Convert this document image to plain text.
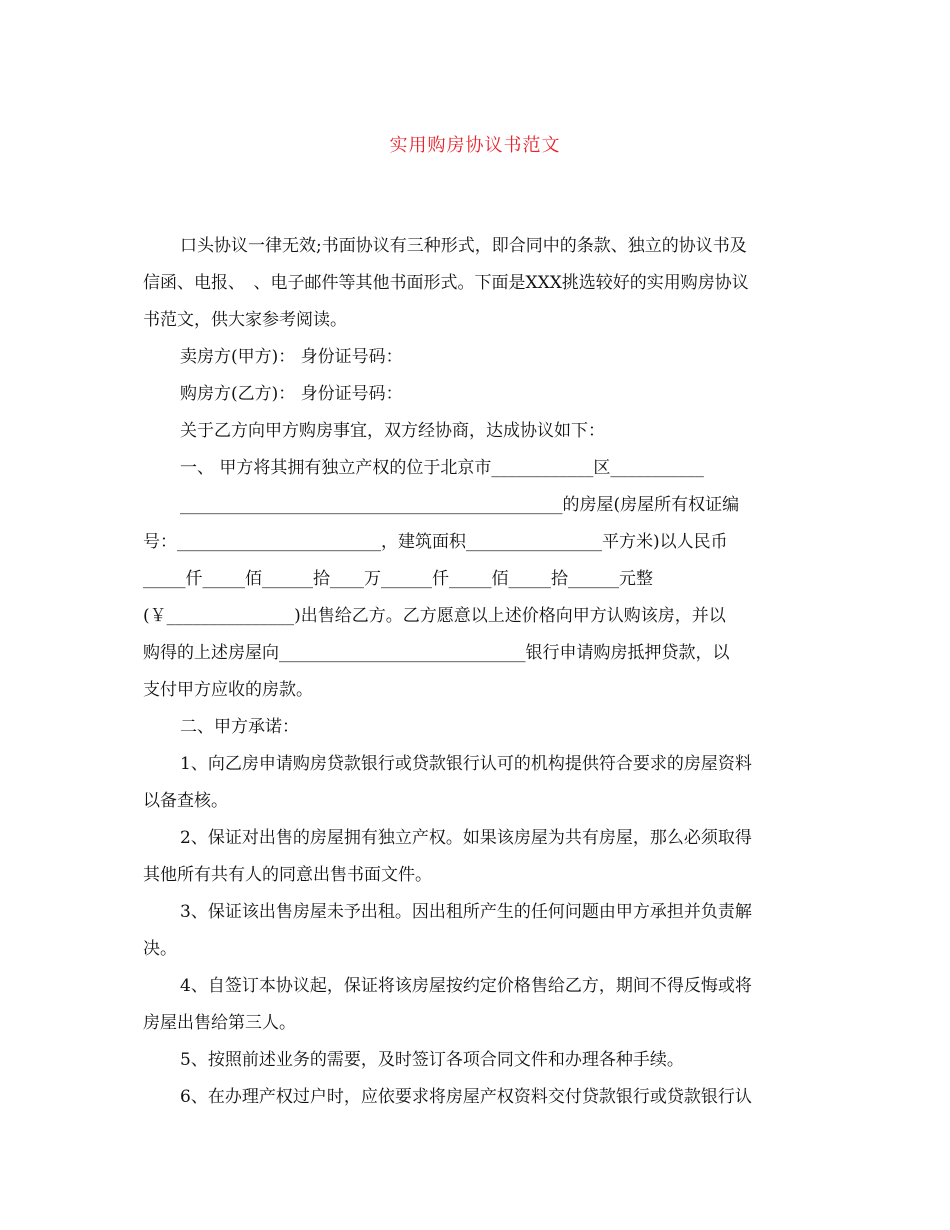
实用购房协议书范文
口头协议一律无效;书面协议有三种形式，即合同中的条款、独立的协议书及
信函、电报、　、电子邮件等其他书面形式。下面是XXX挑选较好的实用购房协议
书范文，供大家参考阅读。
卖房方(甲方)： 身份证号码：
购房方(乙方)： 身份证号码：
关于乙方向甲方购房事宜，双方经协商，达成协议如下：
一、 甲方将其拥有独立产权的位于北京市____________区___________
_____________________________________________的房屋(房屋所有权证编
号：________________________，建筑面积________________平方米)以人民币
_____仟_____佰______拾____万______仟_____佰_____拾______元整
(￥_______________)出售给乙方。乙方愿意以上述价格向甲方认购该房，并以
购得的上述房屋向_____________________________银行申请购房抵押贷款，以
支付甲方应收的房款。
二、甲方承诺：
1、向乙房申请购房贷款银行或贷款银行认可的机构提供符合要求的房屋资料
以备查核。
2、保证对出售的房屋拥有独立产权。如果该房屋为共有房屋，那么必须取得
其他所有共有人的同意出售书面文件。
3、保证该出售房屋未予出租。因出租所产生的任何问题由甲方承担并负责解
决。
4、自签订本协议起，保证将该房屋按约定价格售给乙方，期间不得反悔或将
房屋出售给第三人。
5、按照前述业务的需要，及时签订各项合同文件和办理各种手续。
6、在办理产权过户时，应依要求将房屋产权资料交付贷款银行或贷款银行认
